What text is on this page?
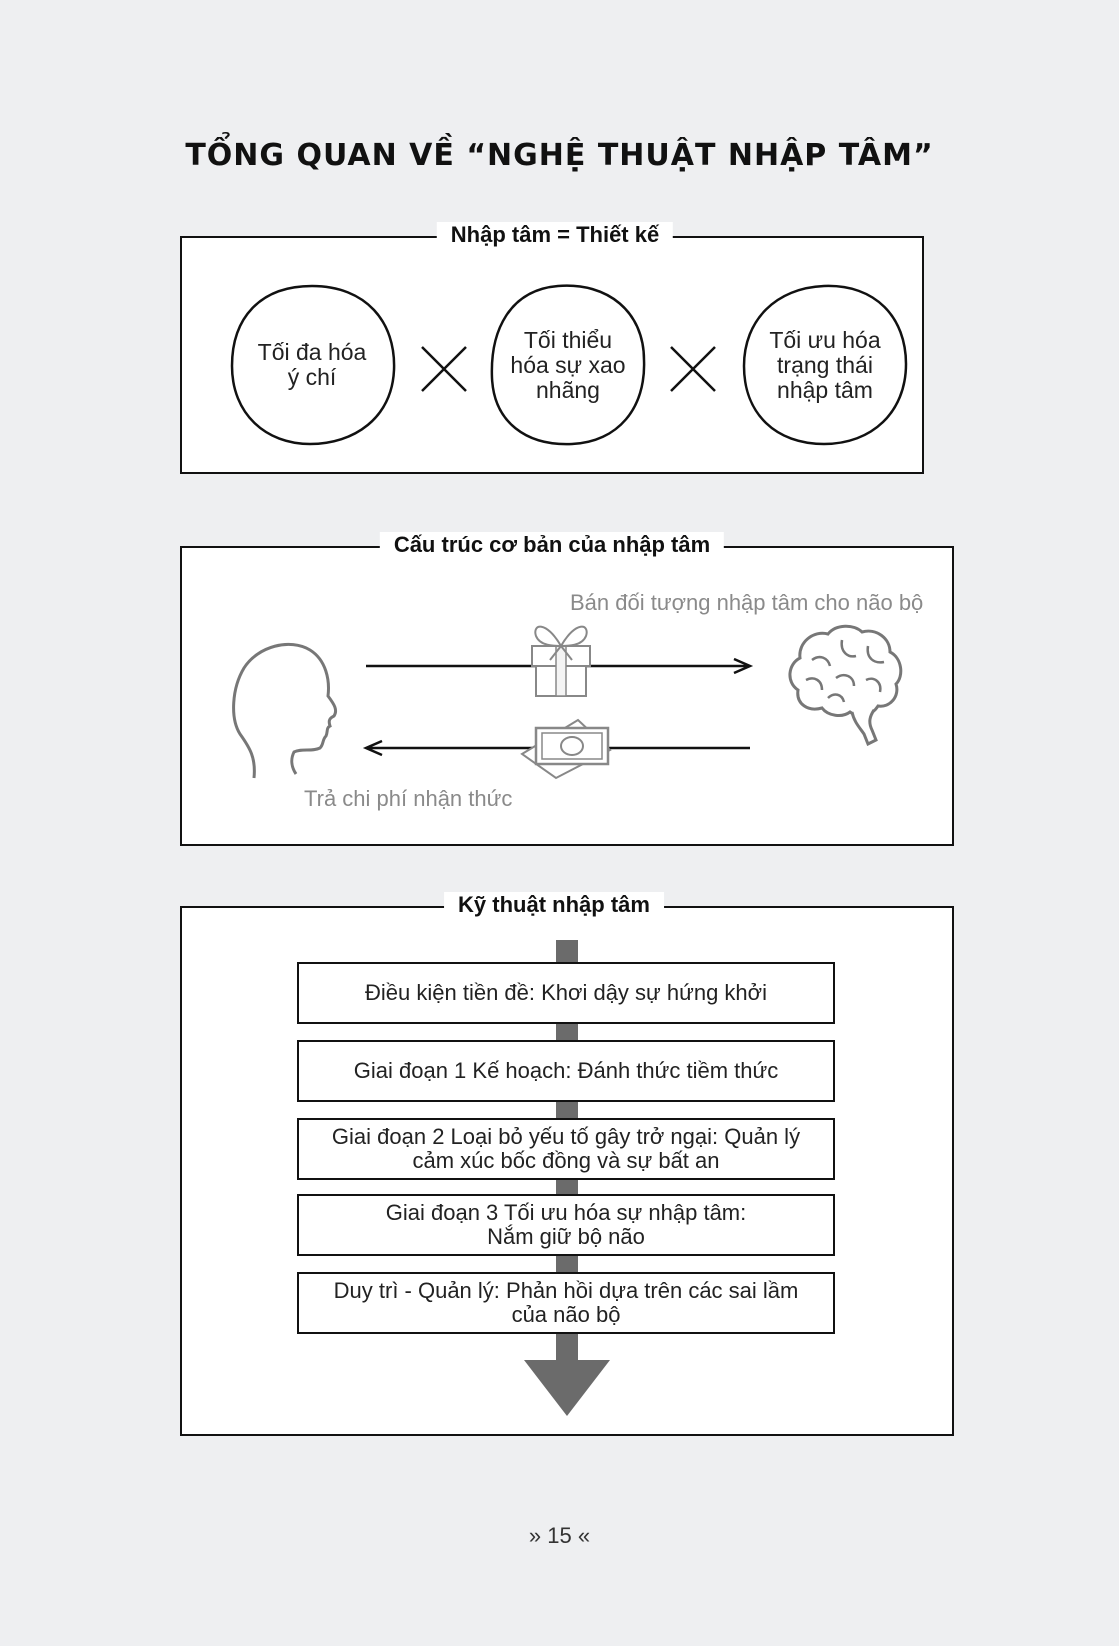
TỔNG QUAN VỀ “NGHỆ THUẬT NHẬP TÂM”
Nhập tâm = Thiết kế
Tối đa hóa
ý chí
Tối thiểu
hóa sự xao
nhãng
Tối ưu hóa
trạng thái
nhập tâm
Cấu trúc cơ bản của nhập tâm
Bán đối tượng nhập tâm cho não bộ
Trả chi phí nhận thức
Kỹ thuật nhập tâm
Điều kiện tiền đề: Khơi dậy sự hứng khởi
Giai đoạn 1 Kế hoạch: Đánh thức tiềm thức
Giai đoạn 2 Loại bỏ yếu tố gây trở ngại: Quản lý
cảm xúc bốc đồng và sự bất an
Giai đoạn 3 Tối ưu hóa sự nhập tâm:
Nắm giữ bộ não
Duy trì - Quản lý: Phản hồi dựa trên các sai lầm
của não bộ
» 15 «
